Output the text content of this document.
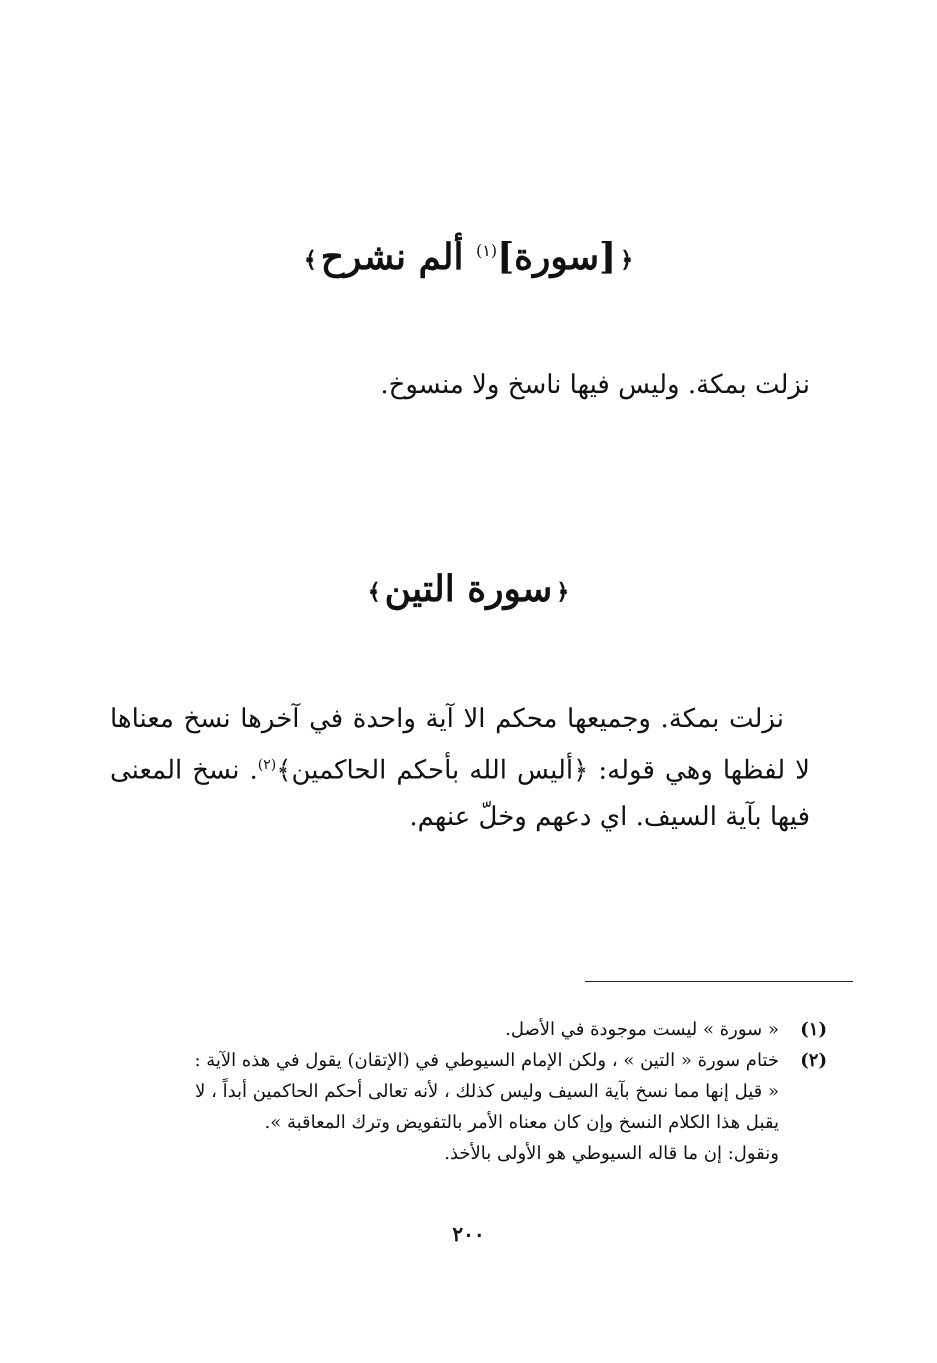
﴿[سورة]$^{(١)}$ ألم نشرح﴾

نزلت بمكة. وليس فيها ناسخ ولا منسوخ.

﴿سورة التين﴾

نزلت بمكة. وجميعها محكم الا آية واحدة في آخرها نسخ معناها لا لفظها وهي قوله: ﴿أليس الله بأحكم الحاكمين﴾$^{(٢)}$. نسخ المعنى فيها بآية السيف. اي دعهم وخلّ عنهم.

(١)
« سورة » ليست موجودة في الأصل.
(٢)
ختام سورة « التين » ، ولكن الإمام السيوطي في (الإتقان) يقول في هذه الآية :
« قيل إنها مما نسخ بآية السيف وليس كذلك ، لأنه تعالى أحكم الحاكمين أبداً ، لا
يقبل هذا الكلام النسخ وإن كان معناه الأمر بالتفويض وترك المعاقبة ».
ونقول: إن ما قاله السيوطي هو الأولى بالأخذ.
٢٠٠
